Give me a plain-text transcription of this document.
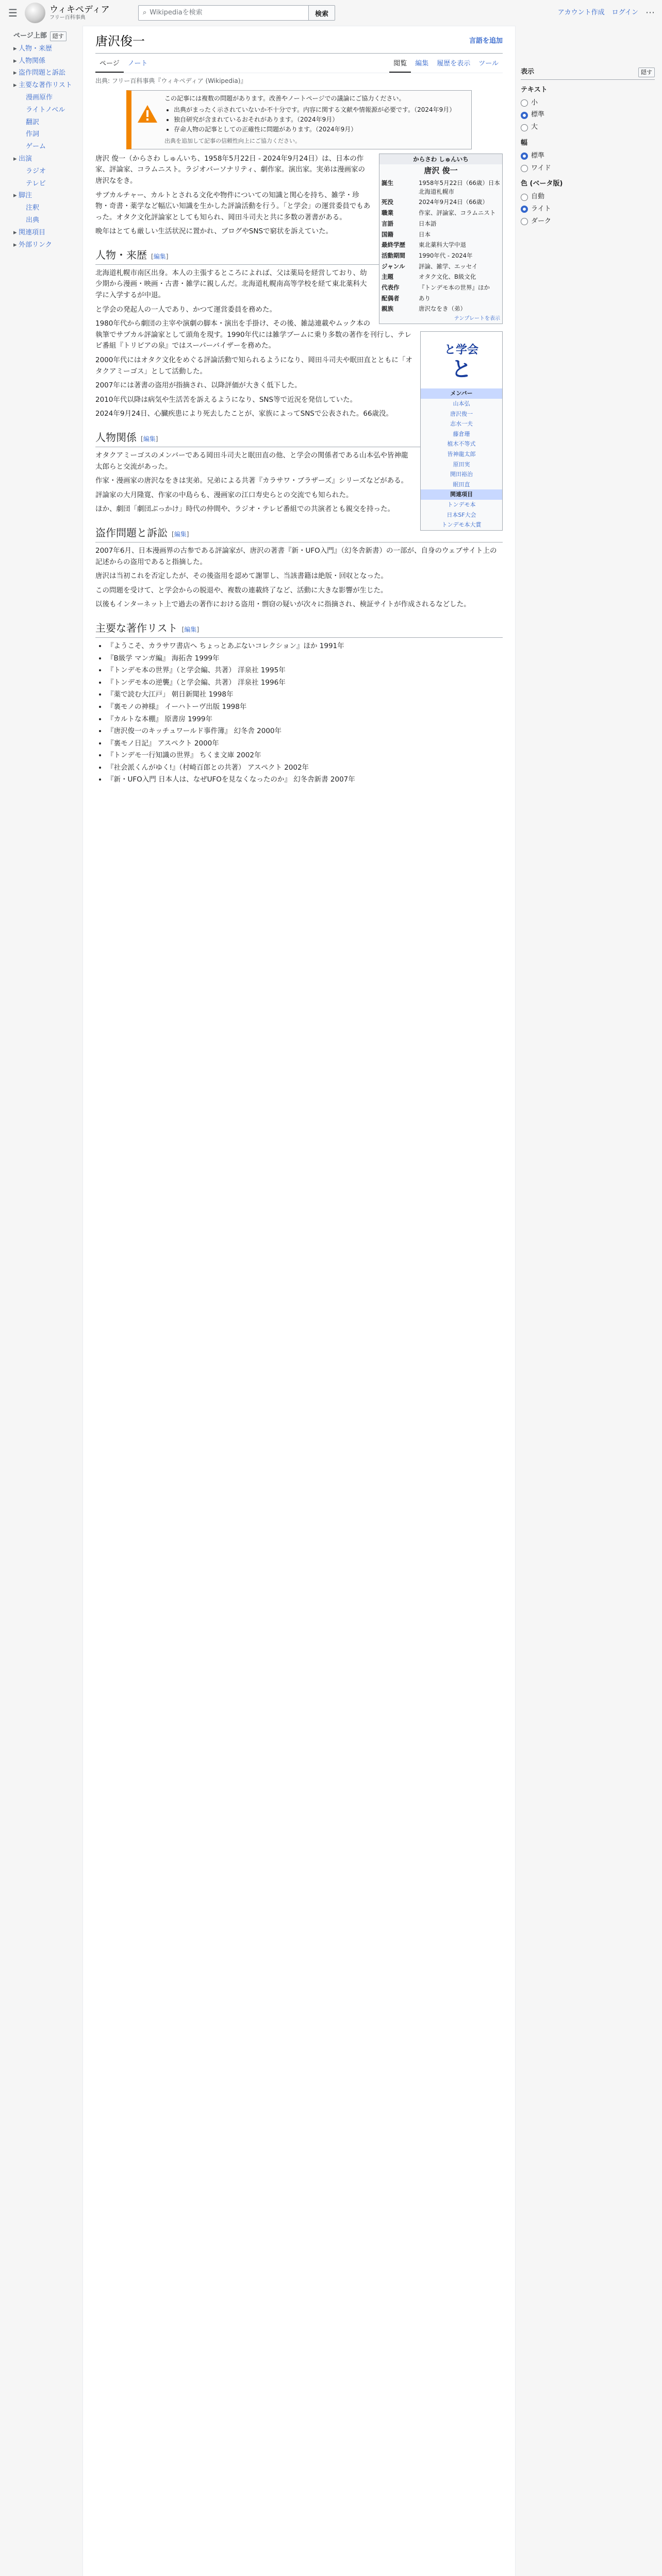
☰	ウィキペディア
フリー百科事典
⌕ Wikipediaを検索	検索	アカウント作成 ログイン ⋯
ページ上部	隠す
▸ 人物・来歴
▸ 人物関係
▸ 盗作問題と訴訟
▸ 主要な著作リスト
漫画原作
ライトノベル
翻訳
作詞
ゲーム
▸ 出演
ラジオ
テレビ
▸ 脚注
注釈
出典
▸ 関連項目
▸ 外部リンク
唐沢俊一	言語を追加
ページ	ノート	閲覧	編集	履歴を表示	ツール
出典: フリー百科事典『ウィキペディア (Wikipedia)』
この記事には複数の問題があります。改善やノートページでの議論にご協力ください。
• 出典がまったく示されていないか不十分です。内容に関する文献や情報源が必要です。（2024年9月）
• 独自研究が含まれているおそれがあります。（2024年9月）
• 存命人物の記事としての正確性に問題があります。（2024年9月）
出典を追加して記事の信頼性向上にご協力ください。
からさわ しゅんいち
唐沢 俊一
誕生	1958年5月22日（66歳）日本 北海道札幌市
死没	2024年9月24日（66歳）
職業	作家、評論家、コラムニスト
言語	日本語
国籍	日本
最終学歴	東北薬科大学中退
活動期間	1990年代 - 2024年
ジャンル	評論、雑学、エッセイ
主題	オタク文化、B級文化
代表作	『トンデモ本の世界』ほか
配偶者	あり
親族	唐沢なをき（弟）
テンプレートを表示
と学会
と
メンバー
山本弘
唐沢俊一
志水一夫
藤倉珊
植木不等式
皆神龍太郎
原田実
開田裕治
眠田直
関連項目
トンデモ本
日本SF大会
トンデモ本大賞

唐沢 俊一（からさわ しゅんいち、1958年5月22日 - 2024年9月24日）は、日本の作家、評論家、コラムニスト。ラジオパーソナリティ、劇作家。演出家。実弟は漫画家の唐沢なをき。

サブカルチャー、カルトとされる文化や物件についての知識と関心を持ち、雑学・珍物・奇書・薬学など幅広い知識を生かした評論活動を行う。「と学会」の運営委員でもあった。オタク文化評論家としても知られ、岡田斗司夫と共に多数の著書がある。

晩年はとても厳しい生活状況に置かれ、ブログやSNSで窮状を訴えていた。

人物・来歴 [編集]

北海道札幌市南区出身。本人の主張するところによれば、父は薬局を経営しており、幼少期から漫画・映画・古書・雑学に親しんだ。北海道札幌南高等学校を経て東北薬科大学に入学するが中退。

と学会の発起人の一人であり、かつて運営委員を務めた。

1980年代から劇団の主宰や演劇の脚本・演出を手掛け、その後、雑誌連載やムック本の執筆でサブカル評論家として頭角を現す。1990年代には雑学ブームに乗り多数の著作を刊行し、テレビ番組『トリビアの泉』ではスーパーバイザーを務めた。

2000年代にはオタク文化をめぐる評論活動で知られるようになり、岡田斗司夫や眠田直とともに「オタクアミーゴス」として活動した。

2007年には著書の盗用が指摘され、以降評価が大きく低下した。

2010年代以降は病気や生活苦を訴えるようになり、SNS等で近況を発信していた。

2024年9月24日、心臓疾患により死去したことが、家族によってSNSで公表された。66歳没。

人物関係 [編集]

オタクアミーゴスのメンバーである岡田斗司夫と眠田直の他、と学会の関係者である山本弘や皆神龍太郎らと交流があった。

作家・漫画家の唐沢なをきは実弟。兄弟による共著『カラサワ・ブラザーズ』シリーズなどがある。

評論家の大月隆寛、作家の中島らも、漫画家の江口寿史らとの交流でも知られた。

ほか、劇団「劇団ぶっかけ」時代の仲間や、ラジオ・テレビ番組での共演者とも親交を持った。

盗作問題と訴訟 [編集]

2007年6月、日本漫画界の古参である評論家が、唐沢の著書『新・UFO入門』（幻冬舎新書）の一部が、自身のウェブサイト上の記述からの盗用であると指摘した。

唐沢は当初これを否定したが、その後盗用を認めて謝罪し、当該書籍は絶版・回収となった。

この問題を受けて、と学会からの脱退や、複数の連載終了など、活動に大きな影響が生じた。

以後もインターネット上で過去の著作における盗用・剽窃の疑いが次々に指摘され、検証サイトが作成されるなどした。

主要な著作リスト [編集]
• 『ようこそ、カラサワ書店へ ちょっとあぶないコレクション』ほか 1991年
• 『B級学 マンガ編』 海拓舎 1999年
• 『トンデモ本の世界』（と学会編、共著） 洋泉社 1995年
• 『トンデモ本の逆襲』（と学会編、共著） 洋泉社 1996年
• 『薬で読む大江戸」 朝日新聞社 1998年
• 『裏モノの神様』 イーハトーヴ出版 1998年
• 『カルトな本棚』 原書房 1999年
• 『唐沢俊一のキッチュワールド事件簿』 幻冬舎 2000年
• 『裏モノ日記』 アスペクト 2000年
• 『トンデモ一行知識の世界』 ちくま文庫 2002年
• 『社会派くんがゆく!』（村崎百郎との共著） アスペクト 2002年
• 『新・UFO入門 日本人は、なぜUFOを見なくなったのか』 幻冬舎新書 2007年
表示	隠す
テキスト
小
標準
大
幅
標準
ワイド
色 (ベータ版)
自動
ライト
ダーク
